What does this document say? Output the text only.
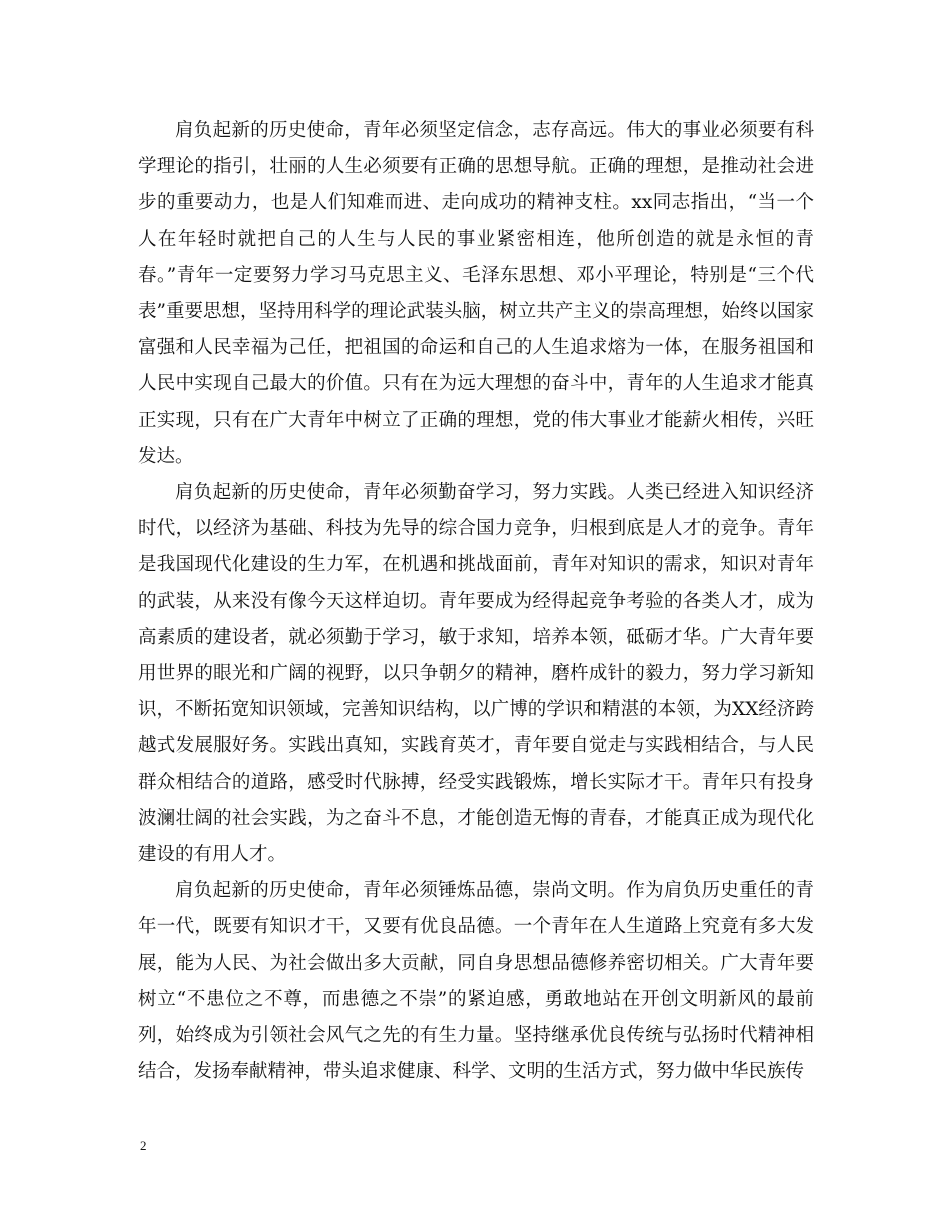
肩负起新的历史使命，青年必须坚定信念，志存高远。伟大的事业必须要有科学理论的指引，壮丽的人生必须要有正确的思想导航。正确的理想，是推动社会进步的重要动力，也是人们知难而进、走向成功的精神支柱。xx同志指出，“当一个人在年轻时就把自己的人生与人民的事业紧密相连，他所创造的就是永恒的青春。”青年一定要努力学习马克思主义、毛泽东思想、邓小平理论，特别是“三个代表”重要思想，坚持用科学的理论武装头脑，树立共产主义的崇高理想，始终以国家富强和人民幸福为己任，把祖国的命运和自己的人生追求熔为一体，在服务祖国和人民中实现自己最大的价值。只有在为远大理想的奋斗中，青年的人生追求才能真正实现，只有在广大青年中树立了正确的理想，党的伟大事业才能薪火相传，兴旺发达。

肩负起新的历史使命，青年必须勤奋学习，努力实践。人类已经进入知识经济时代，以经济为基础、科技为先导的综合国力竞争，归根到底是人才的竞争。青年是我国现代化建设的生力军，在机遇和挑战面前，青年对知识的需求，知识对青年的武装，从来没有像今天这样迫切。青年要成为经得起竞争考验的各类人才，成为高素质的建设者，就必须勤于学习，敏于求知，培养本领，砥砺才华。广大青年要用世界的眼光和广阔的视野，以只争朝夕的精神，磨杵成针的毅力，努力学习新知识，不断拓宽知识领域，完善知识结构，以广博的学识和精湛的本领，为XX经济跨越式发展服好务。实践出真知，实践育英才，青年要自觉走与实践相结合，与人民群众相结合的道路，感受时代脉搏，经受实践锻炼，增长实际才干。青年只有投身波澜壮阔的社会实践，为之奋斗不息，才能创造无悔的青春，才能真正成为现代化建设的有用人才。

肩负起新的历史使命，青年必须锤炼品德，崇尚文明。作为肩负历史重任的青年一代，既要有知识才干，又要有优良品德。一个青年在人生道路上究竟有多大发展，能为人民、为社会做出多大贡献，同自身思想品德修养密切相关。广大青年要树立“不患位之不尊，而患德之不崇”的紧迫感，勇敢地站在开创文明新风的最前列，始终成为引领社会风气之先的有生力量。坚持继承优良传统与弘扬时代精神相结合，发扬奉献精神，带头追求健康、科学、文明的生活方式，努力做中华民族传

2
